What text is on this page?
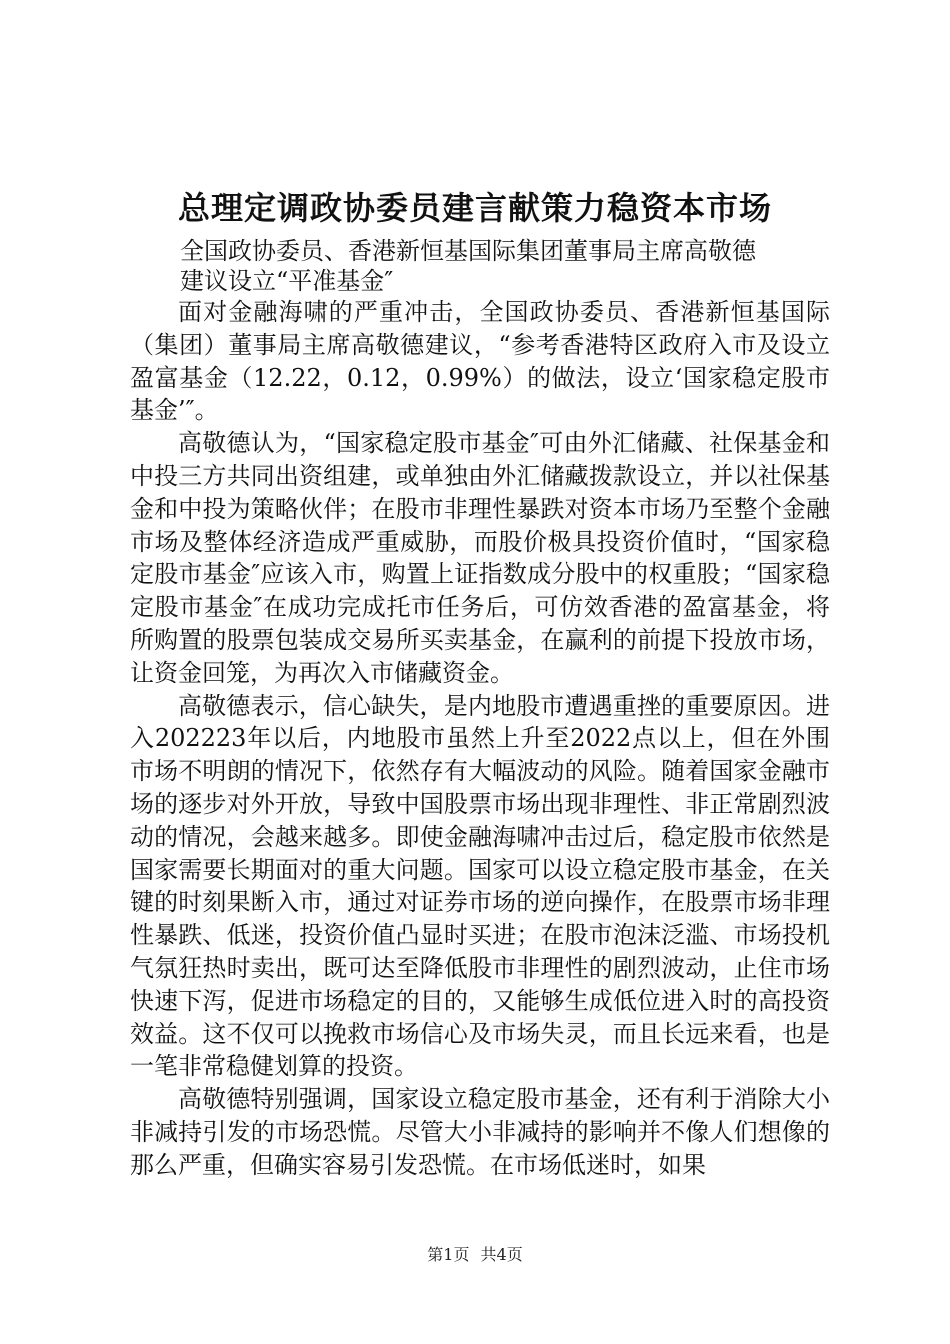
总理定调政协委员建言献策力稳资本市场

全国政协委员、香港新恒基国际集团董事局主席高敬德

建议设立“平准基金″

面对金融海啸的严重冲击，全国政协委员、香港新恒基国际（集团）董事局主席高敬德建议，“参考香港特区政府入市及设立盈富基金（12.22，0.12，0.99%）的做法，设立‘国家稳定股市基金’″。

高敬德认为，“国家稳定股市基金″可由外汇储藏、社保基金和中投三方共同出资组建，或单独由外汇储藏拨款设立，并以社保基金和中投为策略伙伴；在股市非理性暴跌对资本市场乃至整个金融市场及整体经济造成严重威胁，而股价极具投资价值时，“国家稳定股市基金″应该入市，购置上证指数成分股中的权重股；“国家稳定股市基金″在成功完成托市任务后，可仿效香港的盈富基金，将所购置的股票包装成交易所买卖基金，在赢利的前提下投放市场，让资金回笼，为再次入市储藏资金。

高敬德表示，信心缺失，是内地股市遭遇重挫的重要原因。进入202223年以后，内地股市虽然上升至2022点以上，但在外围市场不明朗的情况下，依然存有大幅波动的风险。随着国家金融市场的逐步对外开放，导致中国股票市场出现非理性、非正常剧烈波动的情况，会越来越多。即使金融海啸冲击过后，稳定股市依然是国家需要长期面对的重大问题。国家可以设立稳定股市基金，在关键的时刻果断入市，通过对证券市场的逆向操作，在股票市场非理性暴跌、低迷，投资价值凸显时买进；在股市泡沫泛滥、市场投机气氛狂热时卖出，既可达至降低股市非理性的剧烈波动，止住市场快速下泻，促进市场稳定的目的，又能够生成低位进入时的高投资效益。这不仅可以挽救市场信心及市场失灵，而且长远来看，也是一笔非常稳健划算的投资。

高敬德特别强调，国家设立稳定股市基金，还有利于消除大小非减持引发的市场恐慌。尽管大小非减持的影响并不像人们想像的那么严重，但确实容易引发恐慌。在市场低迷时，如果

第1页 共4页
